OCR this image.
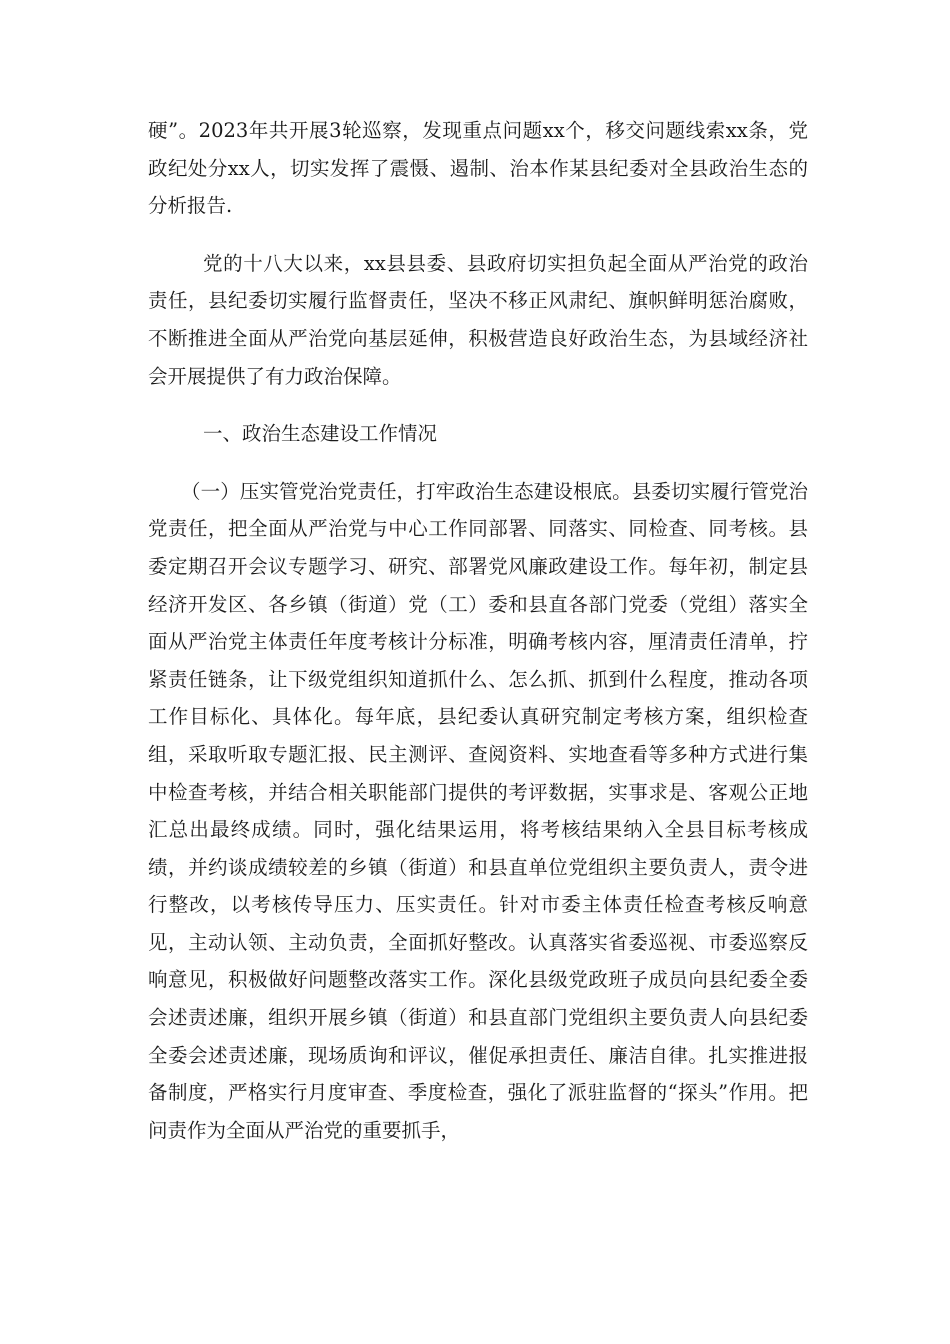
硬”。2023年共开展3轮巡察，发现重点问题xx个，移交问题线索xx条，党政纪处分xx人，切实发挥了震慑、遏制、治本作某县纪委对全县政治生态的分析报告.

党的十八大以来，xx县县委、县政府切实担负起全面从严治党的政治责任，县纪委切实履行监督责任，坚决不移正风肃纪、旗帜鲜明惩治腐败，不断推进全面从严治党向基层延伸，积极营造良好政治生态，为县域经济社会开展提供了有力政治保障。

一、政治生态建设工作情况

（一）压实管党治党责任，打牢政治生态建设根底。县委切实履行管党治党责任，把全面从严治党与中心工作同部署、同落实、同检查、同考核。县委定期召开会议专题学习、研究、部署党风廉政建设工作。每年初，制定县经济开发区、各乡镇（街道）党（工）委和县直各部门党委（党组）落实全面从严治党主体责任年度考核计分标准，明确考核内容，厘清责任清单，拧紧责任链条，让下级党组织知道抓什么、怎么抓、抓到什么程度，推动各项工作目标化、具体化。每年底，县纪委认真研究制定考核方案，组织检查组，采取听取专题汇报、民主测评、查阅资料、实地查看等多种方式进行集中检查考核，并结合相关职能部门提供的考评数据，实事求是、客观公正地汇总出最终成绩。同时，强化结果运用，将考核结果纳入全县目标考核成绩，并约谈成绩较差的乡镇（街道）和县直单位党组织主要负责人，责令进行整改，以考核传导压力、压实责任。针对市委主体责任检查考核反响意见，主动认领、主动负责，全面抓好整改。认真落实省委巡视、市委巡察反响意见，积极做好问题整改落实工作。深化县级党政班子成员向县纪委全委会述责述廉，组织开展乡镇（街道）和县直部门党组织主要负责人向县纪委全委会述责述廉，现场质询和评议，催促承担责任、廉洁自律。扎实推进报备制度，严格实行月度审查、季度检查，强化了派驻监督的“探头”作用。把问责作为全面从严治党的重要抓手，
